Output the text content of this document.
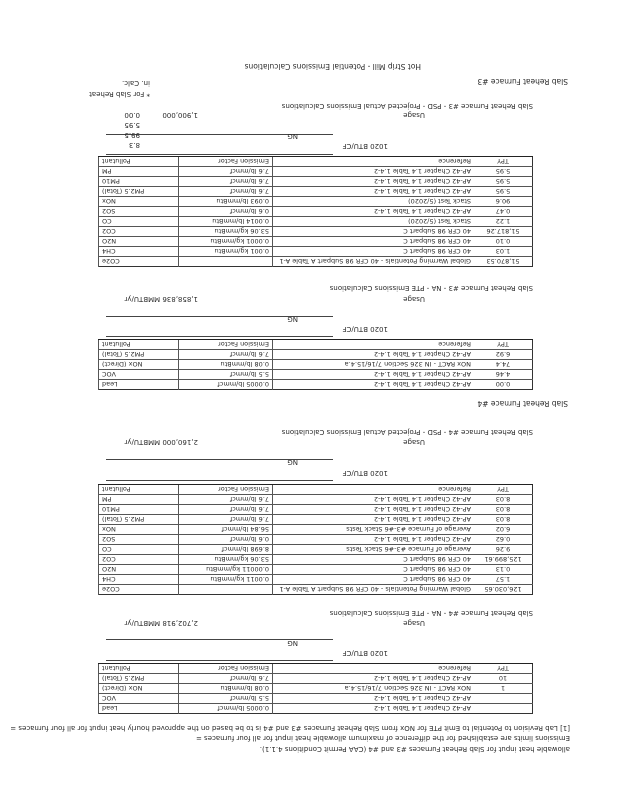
Hot Strip Mill - Potential Emissions Calculations
* For Slab Reheat
in. Calc.	Slab Reheat Furnace #3
Slab Reheat Furnace #3 - PSD - Projected Actual Emissions Calculations
Usage
1,900,000
NG
1020 BTU/CF
0.00
99.5
5.95
8.3
51,870.53	Global Warming Potentials - 40 CFR 98 Subpart A Table A-1		CO2e
1.03	40 CFR 98 Subpart C	0.001 kg/mmBtu	CH4
0.10	40 CFR 98 Subpart C	0.0001 kg/mmBtu	N2O
51,817.26	40 CFR 98 Subpart C	53.06 kg/mmBtu	CO2
1.22	Stack Test (5/2020)	0.0014 lb/mmBtu	CO
0.47	AP-42 Chapter 1.4 Table 1.4-2	0.6 lb/mmcf	SO2
90.6	Stack Test (5/2020)	0.093 lb/mmBtu	NOx
5.95	AP-42 Chapter 1.4 Table 1.4-2	7.6 lb/mmcf	PM2.5 (Total)
5.95	AP-42 Chapter 1.4 Table 1.4-2	7.6 lb/mmcf	PM10
5.95	AP-42 Chapter 1.4 Table 1.4-2	7.6 lb/mmcf	PM
TPY	Reference	Emission Factor	Pollutant
Slab Reheat Furnace #3 - NA - PTE Emissions Calculations
Usage
1,858,836 MMBTU/yr
NG
1020 BTU/CF
0.00	AP-42 Chapter 1.4 Table 1.4-2	0.0005 lb/mmcf	Lead
4.46	AP-42 Chapter 1.4 Table 1.4-2	5.5 lb/mmcf	VOC
74.4	NOx RACT - IN 326 Section 7/16/15.4.a	0.08 lb/mmBtu	NOx (Direct)
6.92	AP-42 Chapter 1.4 Table 1.4-2	7.6 lb/mmcf	PM2.5 (Total)
TPY	Reference	Emission Factor	Pollutant
Slab Reheat Furnace #4
Slab Reheat Furnace #4 - PSD - Projected Actual Emissions Calculations
Usage
2,160,000 MMBTU/yr
NG
1020 BTU/CF
126,030.65	Global Warming Potentials - 40 CFR 98 Subpart A Table A-1		CO2e
1.57	40 CFR 98 Subpart C	0.0011 kg/mmBtu	CH4
0.13	40 CFR 98 Subpart C	0.00011 kg/mmBtu	N2O
125,899.61	40 CFR 98 Subpart C	53.06 kg/mmBtu	CO2
9.26	Average of Furnace #3-#6 Stack Tests	8.698 lb/mmcf	CO
0.62	AP-42 Chapter 1.4 Table 1.4-2	0.6 lb/mmcf	SO2
6.02	Average of Furnace #3-#6 Stack Tests	56.84 lb/mmcf	NOx
8.03	AP-42 Chapter 1.4 Table 1.4-2	7.6 lb/mmcf	PM2.5 (Total)
8.03	AP-42 Chapter 1.4 Table 1.4-2	7.6 lb/mmcf	PM10
8.03	AP-42 Chapter 1.4 Table 1.4-2	7.6 lb/mmcf	PM
TPY	Reference	Emission Factor	Pollutant
Slab Reheat Furnace #4 - NA - PTE Emissions Calculations
Usage
2,702,918 MMBTU/yr
NG
1020 BTU/CF
	AP-42 Chapter 1.4 Table 1.4-2	0.0005 lb/mmcf	Lead
	AP-42 Chapter 1.4 Table 1.4-2	5.5 lb/mmcf	VOC
1	NOx RACT - IN 326 Section 7/16/15.4.a	0.08 lb/mmBtu	NOx (Direct)
10	AP-42 Chapter 1.4 Table 1.4-2	7.6 lb/mmcf	PM2.5 (Total)
TPY	Reference	Emission Factor	Pollutant
[1] Lab Revision to Potential to Emit PTE for NOx from Slab Reheat Furnaces #3 and #4 is to be based on the approved hourly heat input for all four furnaces =
Emissions limits are established for the difference of maximum allowable heat input for all four furnaces =
allowable heat input for Slab Reheat Furnaces #3 and #4 (CAA Permit Conditions 4.1.1).
